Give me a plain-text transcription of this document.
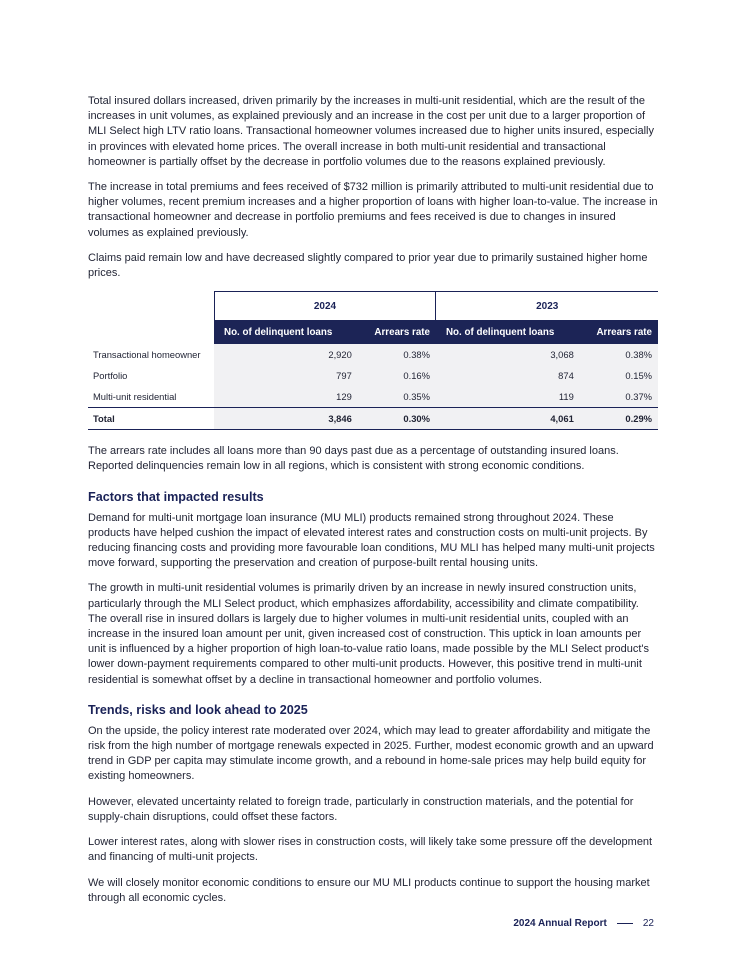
Total insured dollars increased, driven primarily by the increases in multi-unit residential, which are the result of the increases in unit volumes, as explained previously and an increase in the cost per unit due to a larger proportion of MLI Select high LTV ratio loans. Transactional homeowner volumes increased due to higher units insured, especially in provinces with elevated home prices. The overall increase in both multi-unit residential and transactional homeowner is partially offset by the decrease in portfolio volumes due to the reasons explained previously.

The increase in total premiums and fees received of $732 million is primarily attributed to multi-unit residential due to higher volumes, recent premium increases and a higher proportion of loans with higher loan-to-value. The increase in transactional homeowner and decrease in portfolio premiums and fees received is due to changes in insured volumes as explained previously.

Claims paid remain low and have decreased slightly compared to prior year due to primarily sustained higher home prices.

	2024		2023	
	No. of delinquent loans	Arrears rate	No. of delinquent loans	Arrears rate
Transactional homeowner	2,920	0.38%	3,068	0.38%
Portfolio	797	0.16%	874	0.15%
Multi-unit residential	129	0.35%	119	0.37%
Total	3,846	0.30%	4,061	0.29%

The arrears rate includes all loans more than 90 days past due as a percentage of outstanding insured loans. Reported delinquencies remain low in all regions, which is consistent with strong economic conditions.

Factors that impacted results

Demand for multi-unit mortgage loan insurance (MU MLI) products remained strong throughout 2024. These products have helped cushion the impact of elevated interest rates and construction costs on multi-unit projects. By reducing financing costs and providing more favourable loan conditions, MU MLI has helped many multi-unit projects move forward, supporting the preservation and creation of purpose-built rental housing units.

The growth in multi-unit residential volumes is primarily driven by an increase in newly insured construction units, particularly through the MLI Select product, which emphasizes affordability, accessibility and climate compatibility. The overall rise in insured dollars is largely due to higher volumes in multi-unit residential units, coupled with an increase in the insured loan amount per unit, given increased cost of construction. This uptick in loan amounts per unit is influenced by a higher proportion of high loan-to-value ratio loans, made possible by the MLI Select product's lower down-payment requirements compared to other multi-unit products. However, this positive trend in multi-unit residential is somewhat offset by a decline in transactional homeowner and portfolio volumes.

Trends, risks and look ahead to 2025

On the upside, the policy interest rate moderated over 2024, which may lead to greater affordability and mitigate the risk from the high number of mortgage renewals expected in 2025. Further, modest economic growth and an upward trend in GDP per capita may stimulate income growth, and a rebound in home-sale prices may help build equity for existing homeowners.

However, elevated uncertainty related to foreign trade, particularly in construction materials, and the potential for supply-chain disruptions, could offset these factors.

Lower interest rates, along with slower rises in construction costs, will likely take some pressure off the development and financing of multi-unit projects.

We will closely monitor economic conditions to ensure our MU MLI products continue to support the housing market through all economic cycles.

2024 Annual Report	22
